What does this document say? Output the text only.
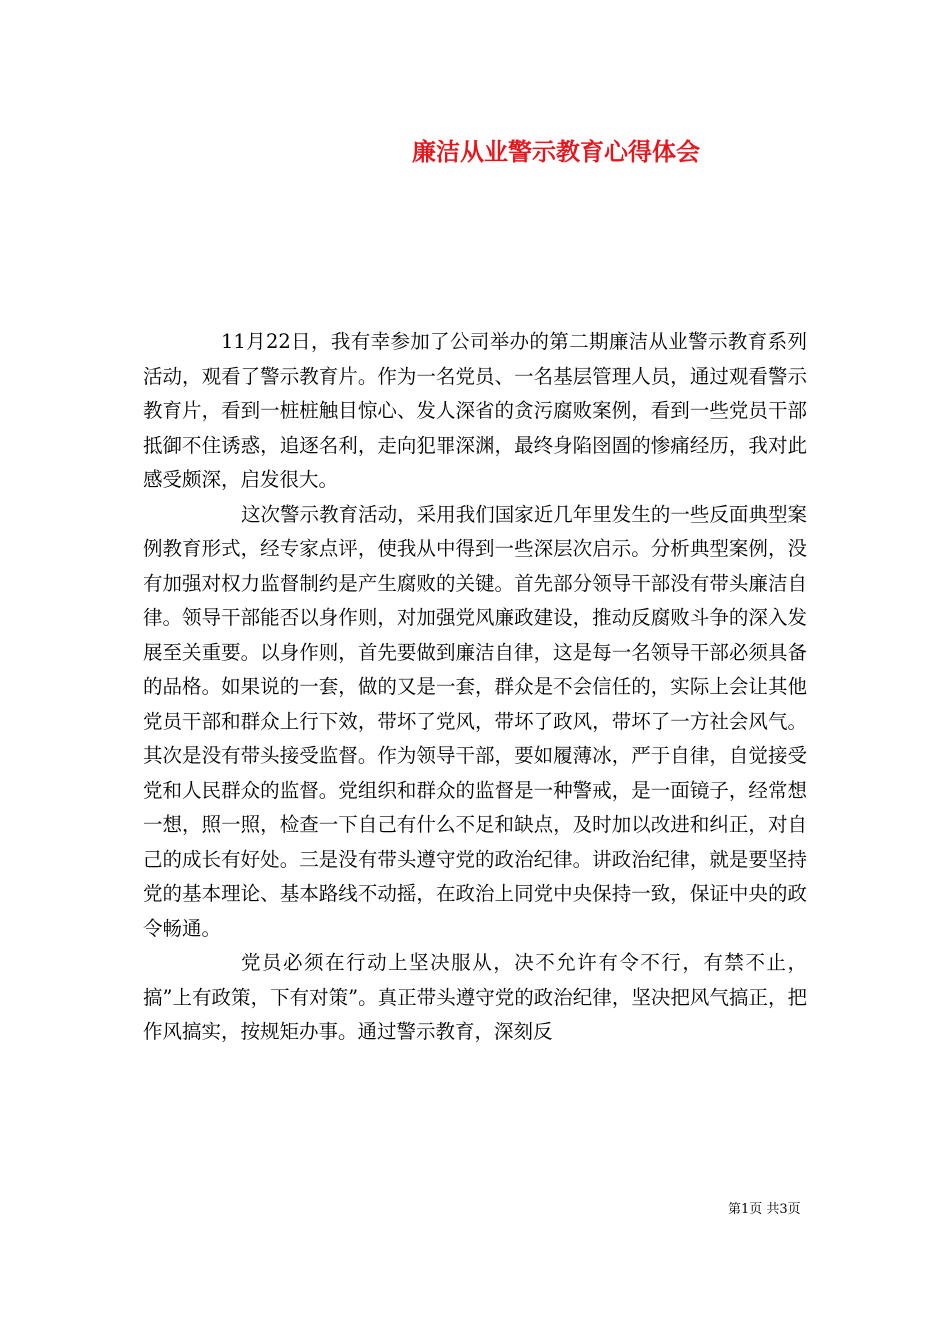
廉洁从业警示教育心得体会

11月22日，我有幸参加了公司举办的第二期廉洁从业警示教育系列活动，观看了警示教育片。作为一名党员、一名基层管理人员，通过观看警示教育片，看到一桩桩触目惊心、发人深省的贪污腐败案例，看到一些党员干部抵御不住诱惑，追逐名利，走向犯罪深渊，最终身陷囹圄的惨痛经历，我对此感受颇深，启发很大。

这次警示教育活动，采用我们国家近几年里发生的一些反面典型案例教育形式，经专家点评，使我从中得到一些深层次启示。分析典型案例，没有加强对权力监督制约是产生腐败的关键。首先部分领导干部没有带头廉洁自律。领导干部能否以身作则，对加强党风廉政建设，推动反腐败斗争的深入发展至关重要。以身作则，首先要做到廉洁自律，这是每一名领导干部必须具备的品格。如果说的一套，做的又是一套，群众是不会信任的，实际上会让其他党员干部和群众上行下效，带坏了党风，带坏了政风，带坏了一方社会风气。其次是没有带头接受监督。作为领导干部，要如履薄冰，严于自律，自觉接受党和人民群众的监督。党组织和群众的监督是一种警戒，是一面镜子，经常想一想，照一照，检查一下自己有什么不足和缺点，及时加以改进和纠正，对自己的成长有好处。三是没有带头遵守党的政治纪律。讲政治纪律，就是要坚持党的基本理论、基本路线不动摇，在政治上同党中央保持一致，保证中央的政令畅通。

党员必须在行动上坚决服从，决不允许有令不行，有禁不止，搞”上有政策，下有对策”。真正带头遵守党的政治纪律，坚决把风气搞正，把作风搞实，按规矩办事。通过警示教育，深刻反

第1页 共3页
